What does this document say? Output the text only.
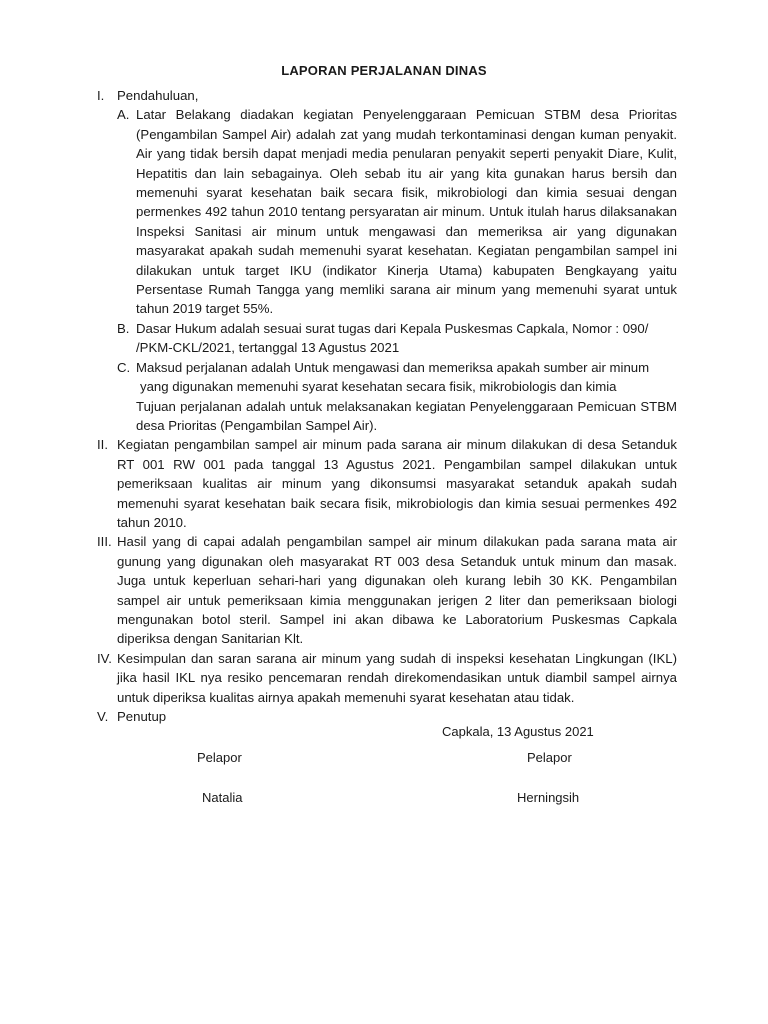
LAPORAN PERJALANAN DINAS
I. Pendahuluan,
A. Latar Belakang diadakan kegiatan Penyelenggaraan Pemicuan STBM desa Prioritas (Pengambilan Sampel Air) adalah zat yang mudah terkontaminasi dengan kuman penyakit. Air yang tidak bersih dapat menjadi media penularan penyakit seperti penyakit Diare, Kulit, Hepatitis dan lain sebagainya. Oleh sebab itu air yang kita gunakan harus bersih dan memenuhi syarat kesehatan baik secara fisik, mikrobiologi dan kimia sesuai dengan permenkes 492 tahun 2010 tentang persyaratan air minum. Untuk itulah harus dilaksanakan Inspeksi Sanitasi air minum untuk mengawasi dan memeriksa air yang digunakan masyarakat apakah sudah memenuhi syarat kesehatan. Kegiatan pengambilan sampel ini dilakukan untuk target IKU (indikator Kinerja Utama) kabupaten Bengkayang yaitu Persentase Rumah Tangga yang memliki sarana air minum yang memenuhi syarat untuk tahun 2019 target 55%.
B. Dasar Hukum adalah sesuai surat tugas dari Kepala Puskesmas Capkala, Nomor : 090/
/PKM-CKL/2021, tertanggal 13 Agustus 2021
C. Maksud perjalanan adalah Untuk mengawasi dan memeriksa apakah sumber air minum
yang digunakan memenuhi syarat kesehatan secara fisik, mikrobiologis dan kimia
Tujuan perjalanan adalah untuk melaksanakan kegiatan Penyelenggaraan Pemicuan STBM desa Prioritas (Pengambilan Sampel Air).
II. Kegiatan pengambilan sampel air minum pada sarana air minum dilakukan di desa Setanduk RT 001 RW 001 pada tanggal 13 Agustus 2021. Pengambilan sampel dilakukan untuk pemeriksaan kualitas air minum yang dikonsumsi masyarakat setanduk apakah sudah memenuhi syarat kesehatan baik secara fisik, mikrobiologis dan kimia sesuai permenkes 492 tahun 2010.
III. Hasil yang di capai adalah pengambilan sampel air minum dilakukan pada sarana mata air gunung yang digunakan oleh masyarakat RT 003 desa Setanduk untuk minum dan masak. Juga untuk keperluan sehari-hari yang digunakan oleh kurang lebih 30 KK. Pengambilan sampel air untuk pemeriksaan kimia menggunakan jerigen 2 liter dan pemeriksaan biologi mengunakan botol steril. Sampel ini akan dibawa ke Laboratorium Puskesmas Capkala diperiksa dengan Sanitarian Klt.
IV. Kesimpulan dan saran sarana air minum yang sudah di inspeksi kesehatan Lingkungan (IKL) jika hasil IKL nya resiko pencemaran rendah direkomendasikan untuk diambil sampel airnya untuk diperiksa kualitas airnya apakah memenuhi syarat kesehatan atau tidak.
V. Penutup
Capkala, 13 Agustus 2021
Pelapor	Pelapor
Natalia	Herningsih
